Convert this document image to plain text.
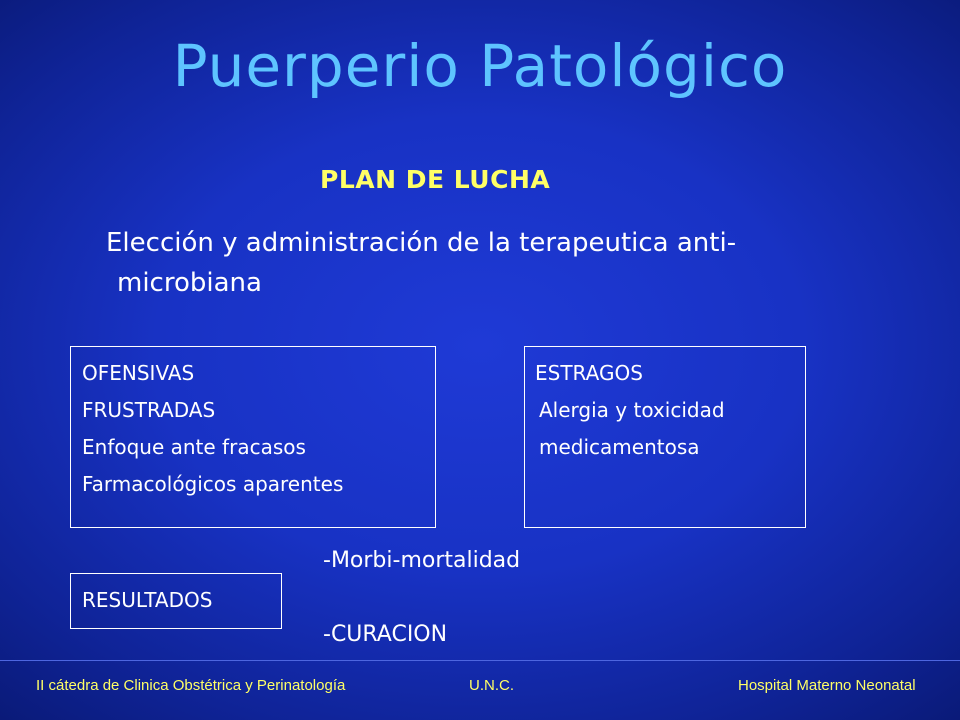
Puerperio Patológico
PLAN DE LUCHA
Elección y administración de la terapeutica anti-microbiana
OFENSIVAS
FRUSTRADAS
Enfoque ante fracasos
Farmacológicos aparentes
ESTRAGOS
Alergia y toxicidad
medicamentosa
RESULTADOS
-Morbi-mortalidad
-CURACION
II cátedra de Clinica Obstétrica y Perinatología	U.N.C.	Hospital Materno Neonatal
